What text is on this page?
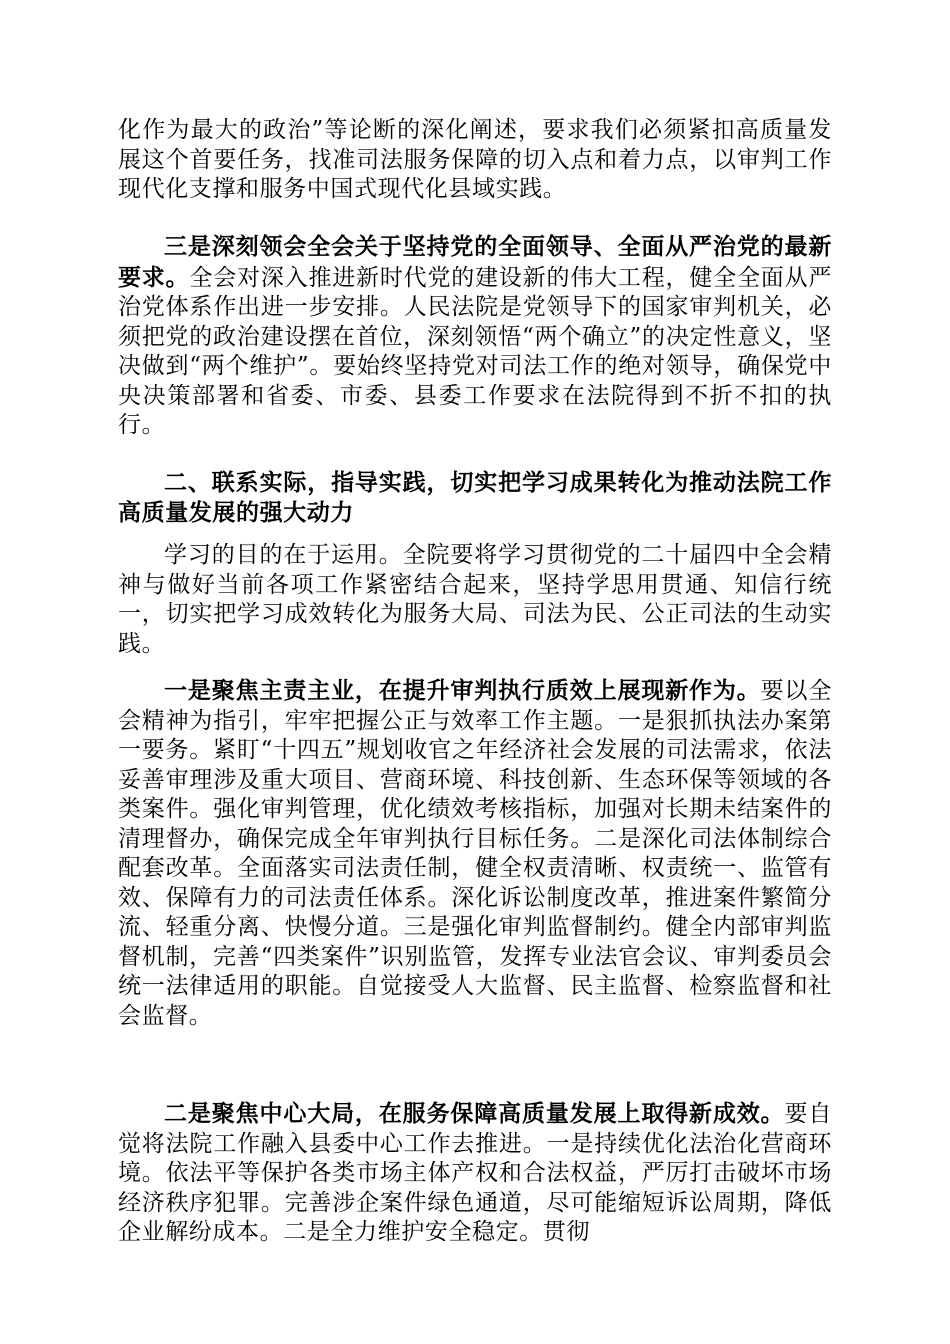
化作为最大的政治”等论断的深化阐述，要求我们必须紧扣高质量发展这个首要任务，找准司法服务保障的切入点和着力点，以审判工作现代化支撑和服务中国式现代化县域实践。
三是深刻领会全会关于坚持党的全面领导、全面从严治党的最新要求。全会对深入推进新时代党的建设新的伟大工程，健全全面从严治党体系作出进一步安排。人民法院是党领导下的国家审判机关，必须把党的政治建设摆在首位，深刻领悟“两个确立”的决定性意义，坚决做到“两个维护”。要始终坚持党对司法工作的绝对领导，确保党中央决策部署和省委、市委、县委工作要求在法院得到不折不扣的执行。
二、联系实际，指导实践，切实把学习成果转化为推动法院工作高质量发展的强大动力
学习的目的在于运用。全院要将学习贯彻党的二十届四中全会精神与做好当前各项工作紧密结合起来，坚持学思用贯通、知信行统一，切实把学习成效转化为服务大局、司法为民、公正司法的生动实践。
一是聚焦主责主业，在提升审判执行质效上展现新作为。要以全会精神为指引，牢牢把握公正与效率工作主题。一是狠抓执法办案第一要务。紧盯“十四五”规划收官之年经济社会发展的司法需求，依法妥善审理涉及重大项目、营商环境、科技创新、生态环保等领域的各类案件。强化审判管理，优化绩效考核指标，加强对长期未结案件的清理督办，确保完成全年审判执行目标任务。二是深化司法体制综合配套改革。全面落实司法责任制，健全权责清晰、权责统一、监管有效、保障有力的司法责任体系。深化诉讼制度改革，推进案件繁简分流、轻重分离、快慢分道。三是强化审判监督制约。健全内部审判监督机制，完善“四类案件”识别监管，发挥专业法官会议、审判委员会统一法律适用的职能。自觉接受人大监督、民主监督、检察监督和社会监督。
二是聚焦中心大局，在服务保障高质量发展上取得新成效。要自觉将法院工作融入县委中心工作去推进。一是持续优化法治化营商环境。依法平等保护各类市场主体产权和合法权益，严厉打击破坏市场经济秩序犯罪。完善涉企案件绿色通道，尽可能缩短诉讼周期，降低企业解纷成本。二是全力维护安全稳定。贯彻
